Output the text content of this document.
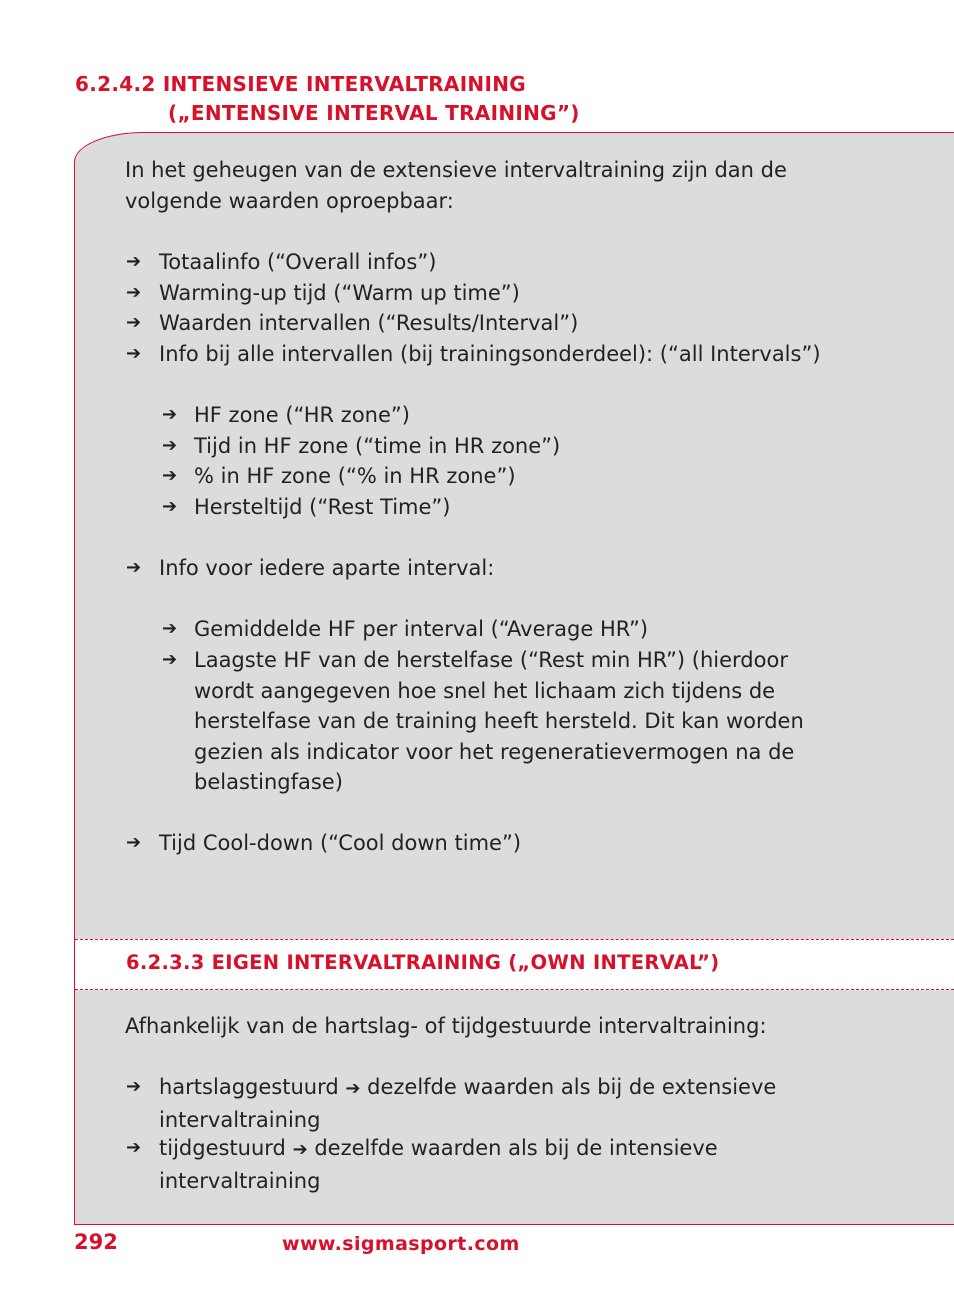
6.2.4.2 INTENSIEVE INTERVALTRAINING
(„ENTENSIVE INTERVAL TRAINING”)
In het geheugen van de extensieve intervaltraining zijn dan de
volgende waarden oproepbaar:
➔ Totaalinfo (“Overall infos”)
➔ Warming-up tijd (“Warm up time”)
➔ Waarden intervallen (“Results/Interval”)
➔ Info bij alle intervallen (bij trainingsonderdeel): (“all Intervals”)
➔ HF zone (“HR zone”)
➔ Tijd in HF zone (“time in HR zone”)
➔ % in HF zone (“% in HR zone”)
➔ Hersteltijd (“Rest Time”)
➔ Info voor iedere aparte interval:
➔ Gemiddelde HF per interval (“Average HR”)
➔ Laagste HF van de herstelfase (“Rest min HR”) (hierdoor
wordt aangegeven hoe snel het lichaam zich tijdens de
herstelfase van de training heeft hersteld. Dit kan worden
gezien als indicator voor het regeneratievermogen na de
belastingfase)
➔ Tijd Cool-down (“Cool down time”)
6.2.3.3 EIGEN INTERVALTRAINING („OWN INTERVAL”)
Afhankelijk van de hartslag- of tijdgestuurde intervaltraining:
➔ hartslaggestuurd ➔ dezelfde waarden als bij de extensieve
intervaltraining
➔ tijdgestuurd ➔ dezelfde waarden als bij de intensieve
intervaltraining
292	www.sigmasport.com
